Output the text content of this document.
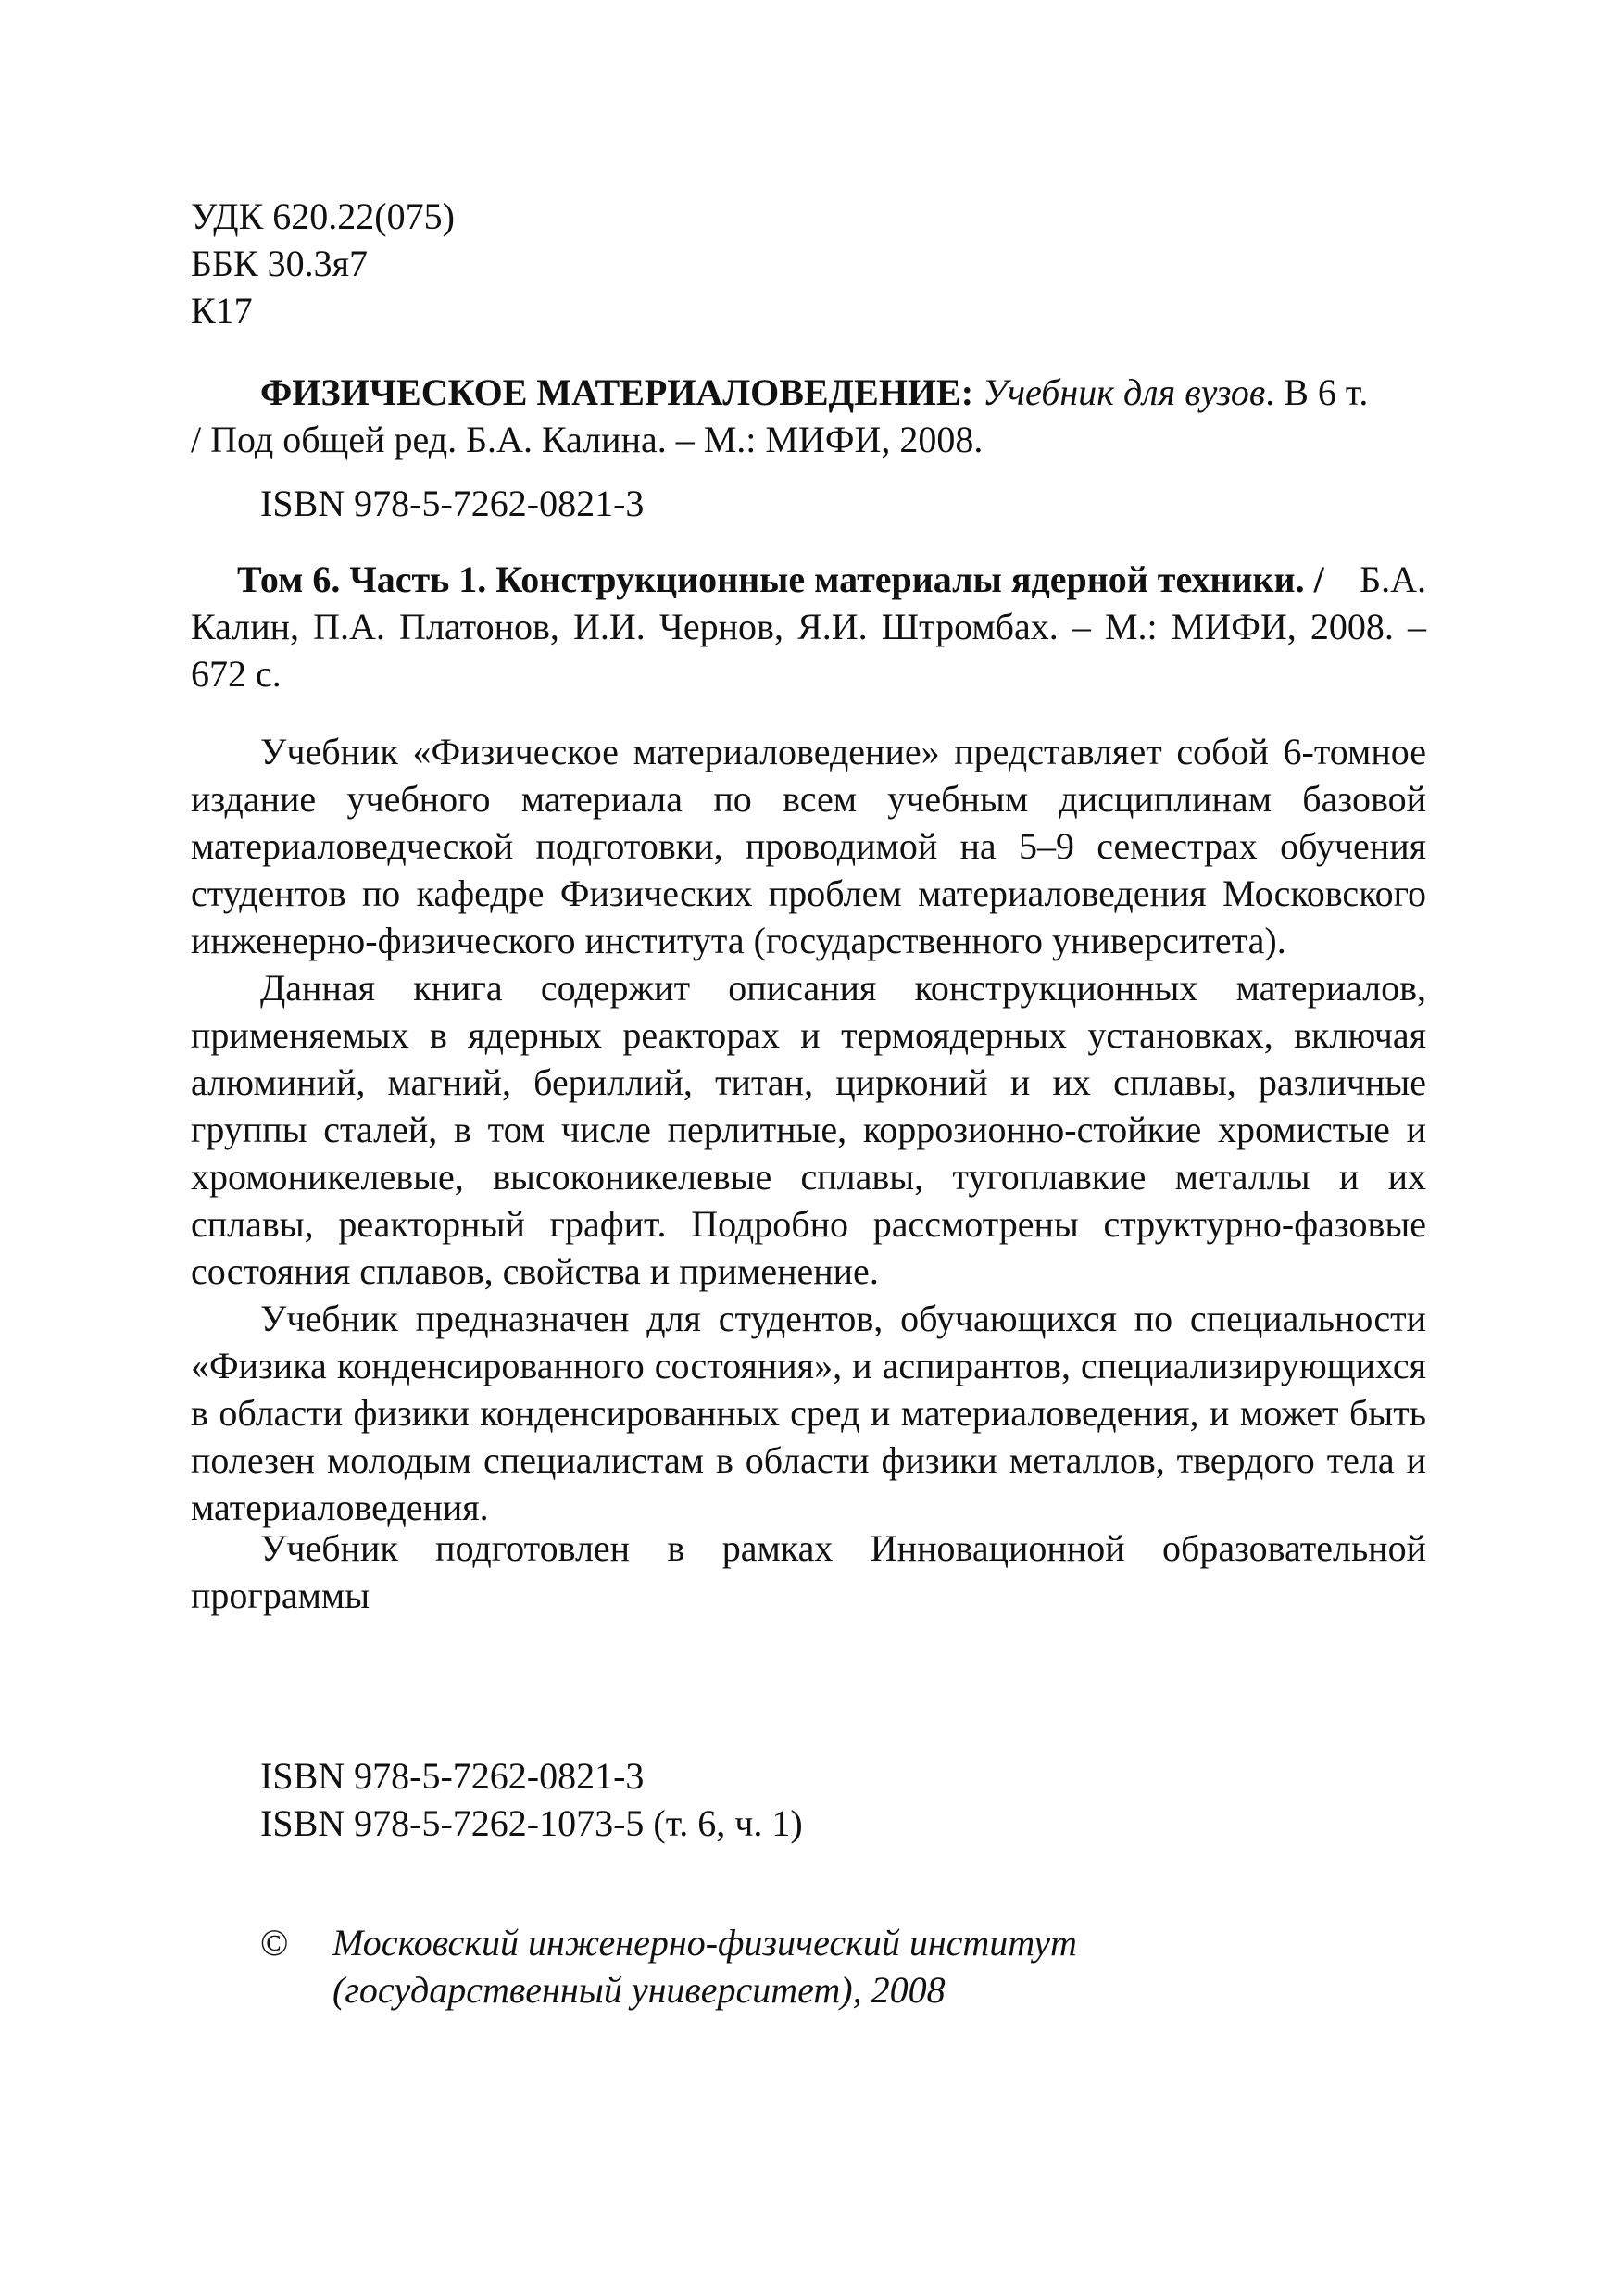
УДК 620.22(075)
ББК 30.3я7
К17
ФИЗИЧЕСКОЕ МАТЕРИАЛОВЕДЕНИЕ: Учебник для вузов. В 6 т.
/ Под общей ред. Б.А. Калина. – М.: МИФИ, 2008.
ISBN 978-5-7262-0821-3
Том 6. Часть 1. Конструкционные материалы ядерной техники. / Б.А. Калин, П.А. Платонов, И.И. Чернов, Я.И. Штромбах. – М.: МИФИ, 2008. – 672 с.

Учебник «Физическое материаловедение» представляет собой 6-томное издание учебного материала по всем учебным дисциплинам базовой материаловедческой подготовки, проводимой на 5–9 семестрах обучения студентов по кафедре Физических проблем материаловедения Московского инженерно-физического института (государственного университета).

Данная книга содержит описания конструкционных материалов, применяемых в ядерных реакторах и термоядерных установках, включая алюминий, магний, бериллий, титан, цирконий и их сплавы, различные группы сталей, в том числе перлитные, коррозионно-стойкие хромистые и хромоникелевые, высоконикелевые сплавы, тугоплавкие металлы и их сплавы, реакторный графит. Подробно рассмотрены структурно-фазовые состояния сплавов, свойства и применение.

Учебник предназначен для студентов, обучающихся по специальности «Физика конденсированного состояния», и аспирантов, специализирующихся в области физики конденсированных сред и материаловедения, и может быть полезен молодым специалистам в области физики металлов, твердого тела и материаловедения.

Учебник подготовлен в рамках Инновационной образовательной программы

ISBN 978-5-7262-0821-3
ISBN 978-5-7262-1073-5 (т. 6, ч. 1)
© Московский инженерно-физический институт
(государственный университет), 2008
